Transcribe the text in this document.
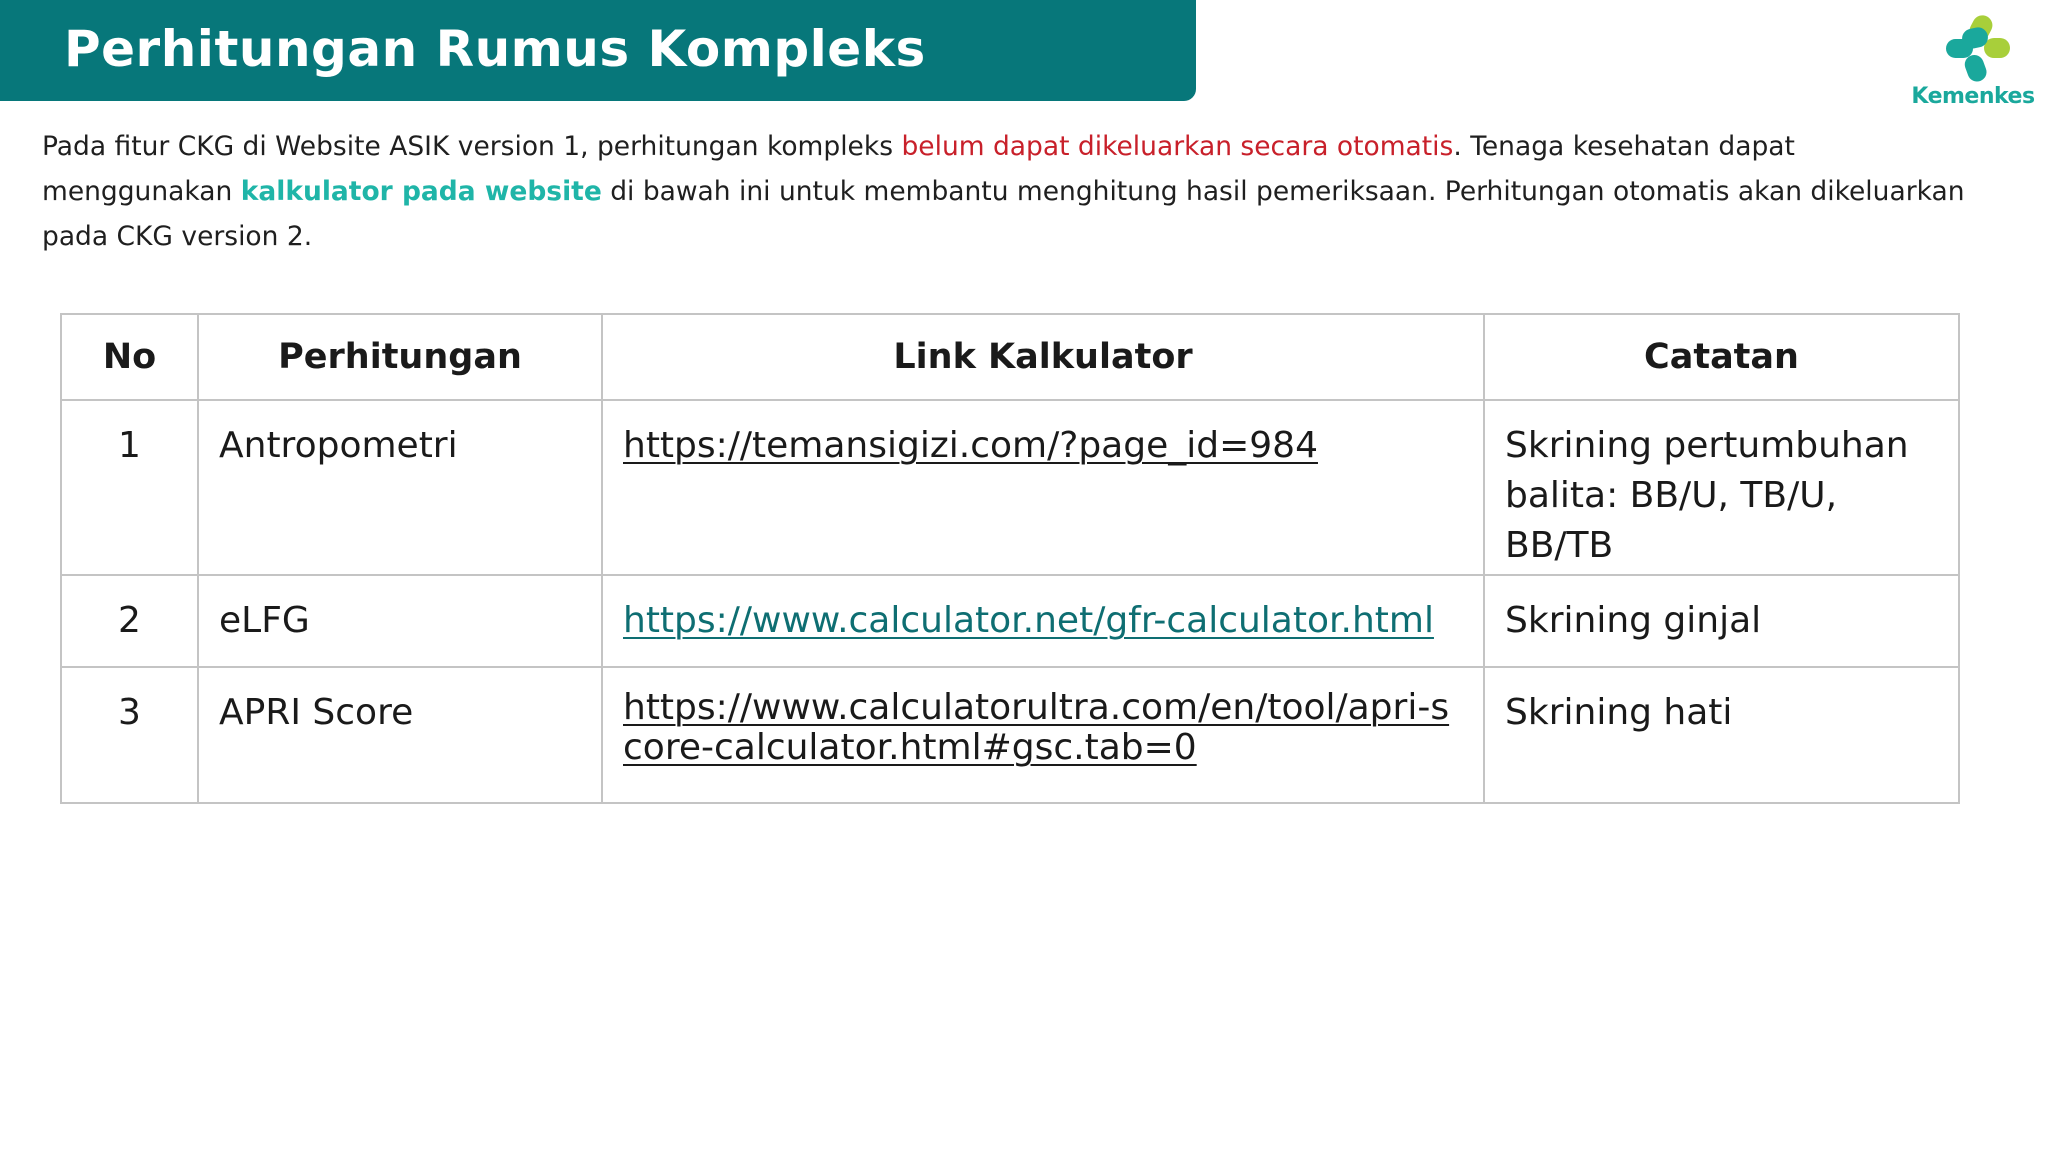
Perhitungan Rumus Kompleks
Kemenkes

Pada fitur CKG di Website ASIK version 1, perhitungan kompleks belum dapat dikeluarkan secara otomatis. Tenaga kesehatan dapat menggunakan kalkulator pada website di bawah ini untuk membantu menghitung hasil pemeriksaan. Perhitungan otomatis akan dikeluarkan pada CKG version 2.

No	Perhitungan	Link Kalkulator	Catatan
1	Antropometri	https://temansigizi.com/?page_id=984	Skrining pertumbuhan balita: BB/U, TB/U, BB/TB
2	eLFG	https://www.calculator.net/gfr-calculator.html	Skrining ginjal
3	APRI Score	https://www.calculatorultra.com/en/tool/apri-score-calculator.html#gsc.tab=0	Skrining hati
